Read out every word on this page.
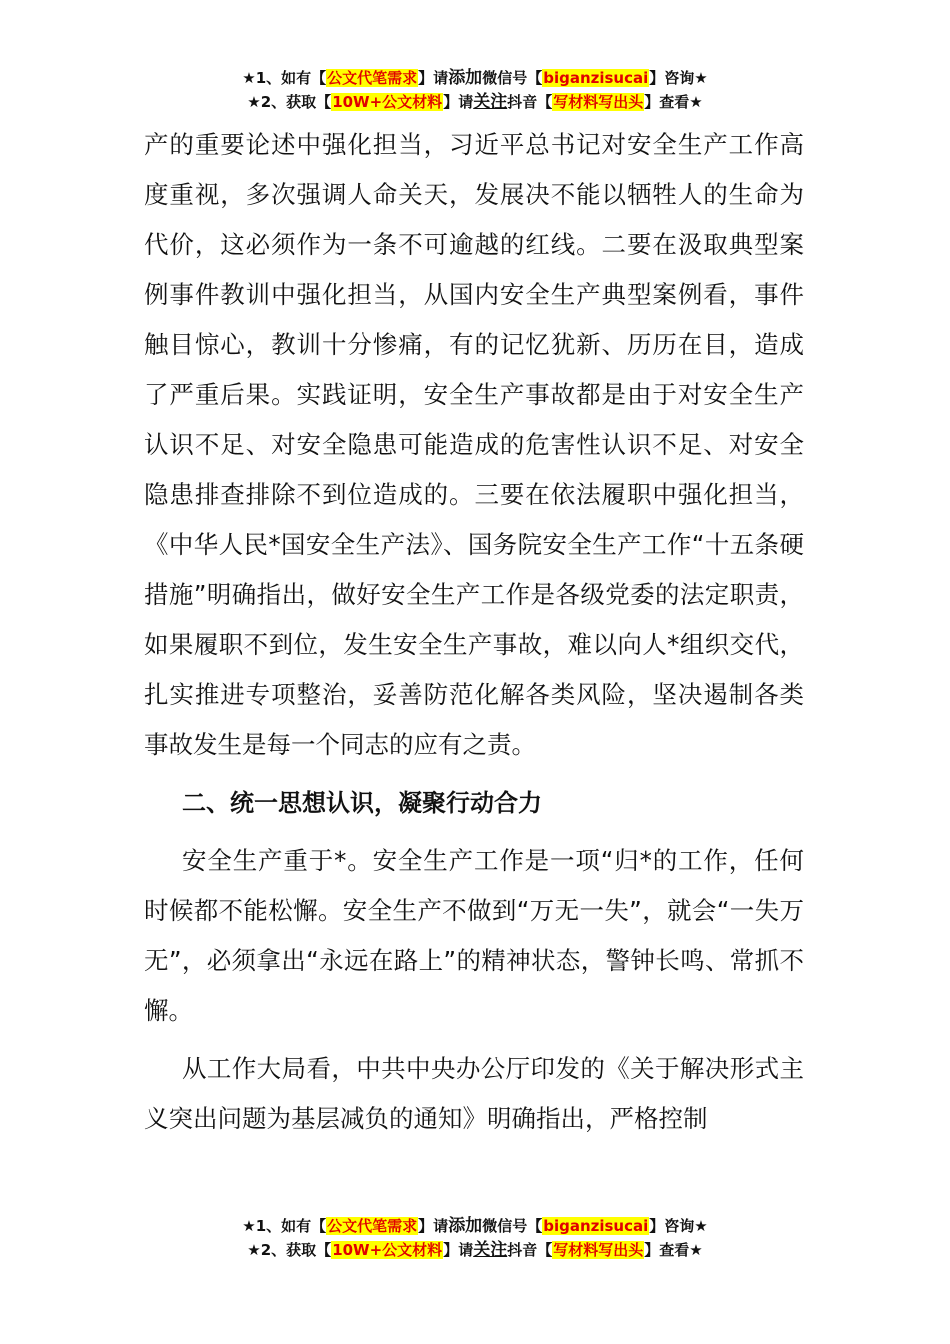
★1、如有【公文代笔需求】请添加微信号【biganzisucai】咨询★
★2、获取【10W+公文材料】请关注抖音【写材料写出头】查看★

产的重要论述中强化担当，习近平总书记对安全生产工作高度重视，多次强调人命关天，发展决不能以牺牲人的生命为代价，这必须作为一条不可逾越的红线。二要在汲取典型案例事件教训中强化担当，从国内安全生产典型案例看，事件触目惊心，教训十分惨痛，有的记忆犹新、历历在目，造成了严重后果。实践证明，安全生产事故都是由于对安全生产认识不足、对安全隐患可能造成的危害性认识不足、对安全隐患排查排除不到位造成的。三要在依法履职中强化担当，《中华人民*国安全生产法》、国务院安全生产工作“十五条硬措施”明确指出，做好安全生产工作是各级党委的法定职责，如果履职不到位，发生安全生产事故，难以向人*组织交代，扎实推进专项整治，妥善防范化解各类风险，坚决遏制各类事故发生是每一个同志的应有之责。

二、统一思想认识，凝聚行动合力

安全生产重于*。安全生产工作是一项“归*的工作，任何时候都不能松懈。安全生产不做到“万无一失”，就会“一失万无”，必须拿出“永远在路上”的精神状态，警钟长鸣、常抓不懈。

从工作大局看，中共中央办公厅印发的《关于解决形式主义突出问题为基层减负的通知》明确指出，严格控制

★1、如有【公文代笔需求】请添加微信号【biganzisucai】咨询★
★2、获取【10W+公文材料】请关注抖音【写材料写出头】查看★
